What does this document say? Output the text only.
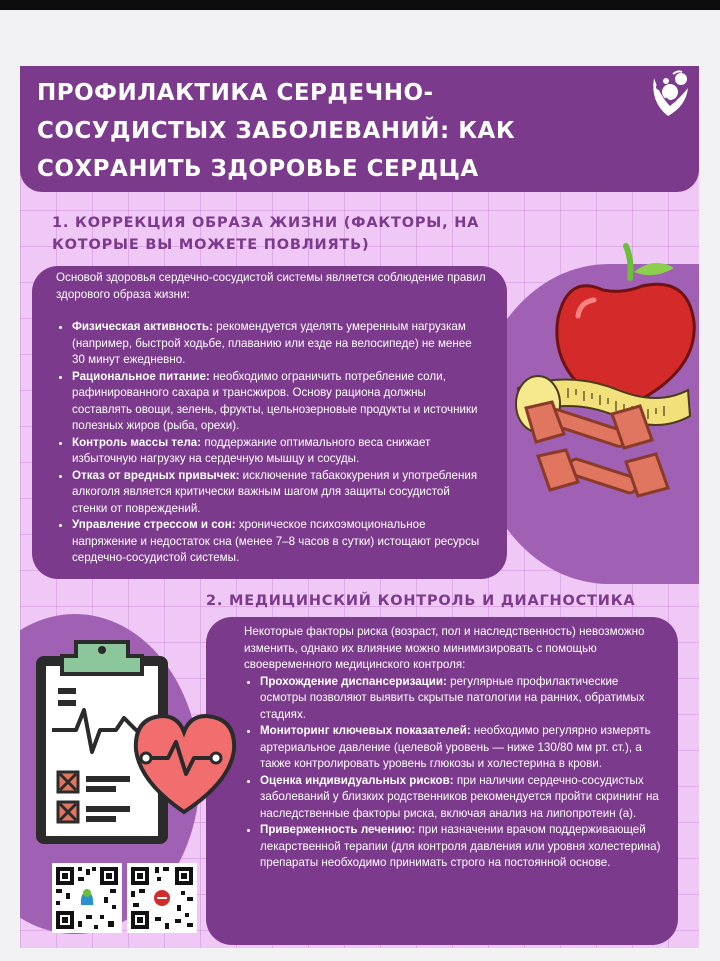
ПРОФИЛАКТИКА СЕРДЕЧНО-СОСУДИСТЫХ ЗАБОЛЕВАНИЙ: КАК СОХРАНИТЬ ЗДОРОВЬЕ СЕРДЦА
1. КОРРЕКЦИЯ ОБРАЗА ЖИЗНИ (ФАКТОРЫ, НА КОТОРЫЕ ВЫ МОЖЕТЕ ПОВЛИЯТЬ)

Основой здоровья сердечно-сосудистой системы является соблюдение правил здорового образа жизни:

• Физическая активность: рекомендуется уделять умеренным нагрузкам (например, быстрой ходьбе, плаванию или езде на велосипеде) не менее 30 минут ежедневно.
• Рациональное питание: необходимо ограничить потребление соли, рафинированного сахара и трансжиров. Основу рациона должны составлять овощи, зелень, фрукты, цельнозерновые продукты и источники полезных жиров (рыба, орехи).
• Контроль массы тела: поддержание оптимального веса снижает избыточную нагрузку на сердечную мышцу и сосуды.
• Отказ от вредных привычек: исключение табакокурения и употребления алкоголя является критически важным шагом для защиты сосудистой стенки от повреждений.
• Управление стрессом и сон: хроническое психоэмоциональное напряжение и недостаток сна (менее 7–8 часов в сутки) истощают ресурсы сердечно-сосудистой системы.
2. МЕДИЦИНСКИЙ КОНТРОЛЬ И ДИАГНОСТИКА

Некоторые факторы риска (возраст, пол и наследственность) невозможно изменить, однако их влияние можно минимизировать с помощью своевременного медицинского контроля:

• Прохождение диспансеризации: регулярные профилактические осмотры позволяют выявить скрытые патологии на ранних, обратимых стадиях.
• Мониторинг ключевых показателей: необходимо регулярно измерять артериальное давление (целевой уровень — ниже 130/80 мм рт. ст.), а также контролировать уровень глюкозы и холестерина в крови.
• Оценка индивидуальных рисков: при наличии сердечно-сосудистых заболеваний у близких родственников рекомендуется пройти скрининг на наследственные факторы риска, включая анализ на липопротеин (а).
• Приверженность лечению: при назначении врачом поддерживающей лекарственной терапии (для контроля давления или уровня холестерина) препараты необходимо принимать строго на постоянной основе.
